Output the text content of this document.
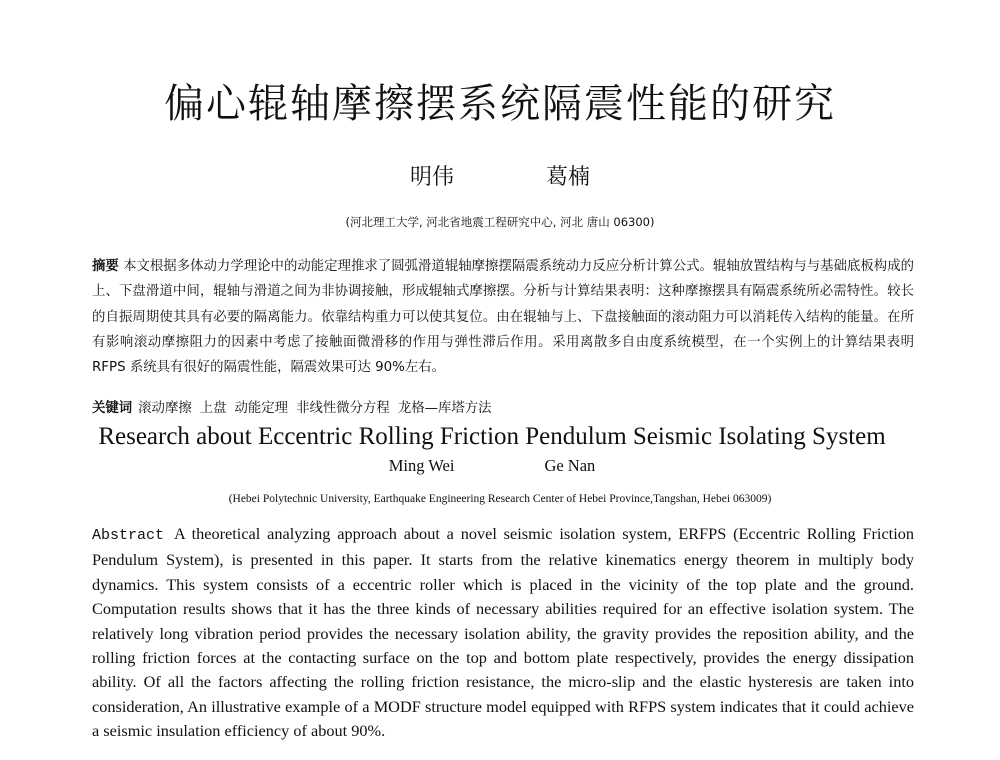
偏心辊轴摩擦摆系统隔震性能的研究
明伟	葛楠
(河北理工大学, 河北省地震工程研究中心, 河北 唐山 06300)
摘要 本文根据多体动力学理论中的动能定理推求了圆弧滑道辊轴摩擦摆隔震系统动力反应分析计算公式。辊轴放置结构与与基础底板构成的上、下盘滑道中间，辊轴与滑道之间为非协调接触，形成辊轴式摩擦摆。分析与计算结果表明：这种摩擦摆具有隔震系统所必需特性。较长的自振周期使其具有必要的隔离能力。依靠结构重力可以使其复位。由在辊轴与上、下盘接触面的滚动阻力可以消耗传入结构的能量。在所有影响滚动摩擦阻力的因素中考虑了接触面微滑移的作用与弹性滞后作用。采用离散多自由度系统模型，在一个实例上的计算结果表明 RFPS 系统具有很好的隔震性能，隔震效果可达 90%左右。
关键词 滚动摩擦 上盘 动能定理 非线性微分方程 龙格—库塔方法
Research about Eccentric Rolling Friction Pendulum Seismic Isolating System
Ming Wei	Ge Nan
(Hebei Polytechnic University, Earthquake Engineering Research Center of Hebei Province,Tangshan, Hebei 063009)
Abstract A theoretical analyzing approach about a novel seismic isolation system, ERFPS (Eccentric Rolling Friction Pendulum System), is presented in this paper. It starts from the relative kinematics energy theorem in multiply body dynamics. This system consists of a eccentric roller which is placed in the vicinity of the top plate and the ground. Computation results shows that it has the three kinds of necessary abilities required for an effective isolation system. The relatively long vibration period provides the necessary isolation ability, the gravity provides the reposition ability, and the rolling friction forces at the contacting surface on the top and bottom plate respectively, provides the energy dissipation ability. Of all the factors affecting the rolling friction resistance, the micro-slip and the elastic hysteresis are taken into consideration, An illustrative example of a MODF structure model equipped with RFPS system indicates that it could achieve a seismic insulation efficiency of about 90%.
